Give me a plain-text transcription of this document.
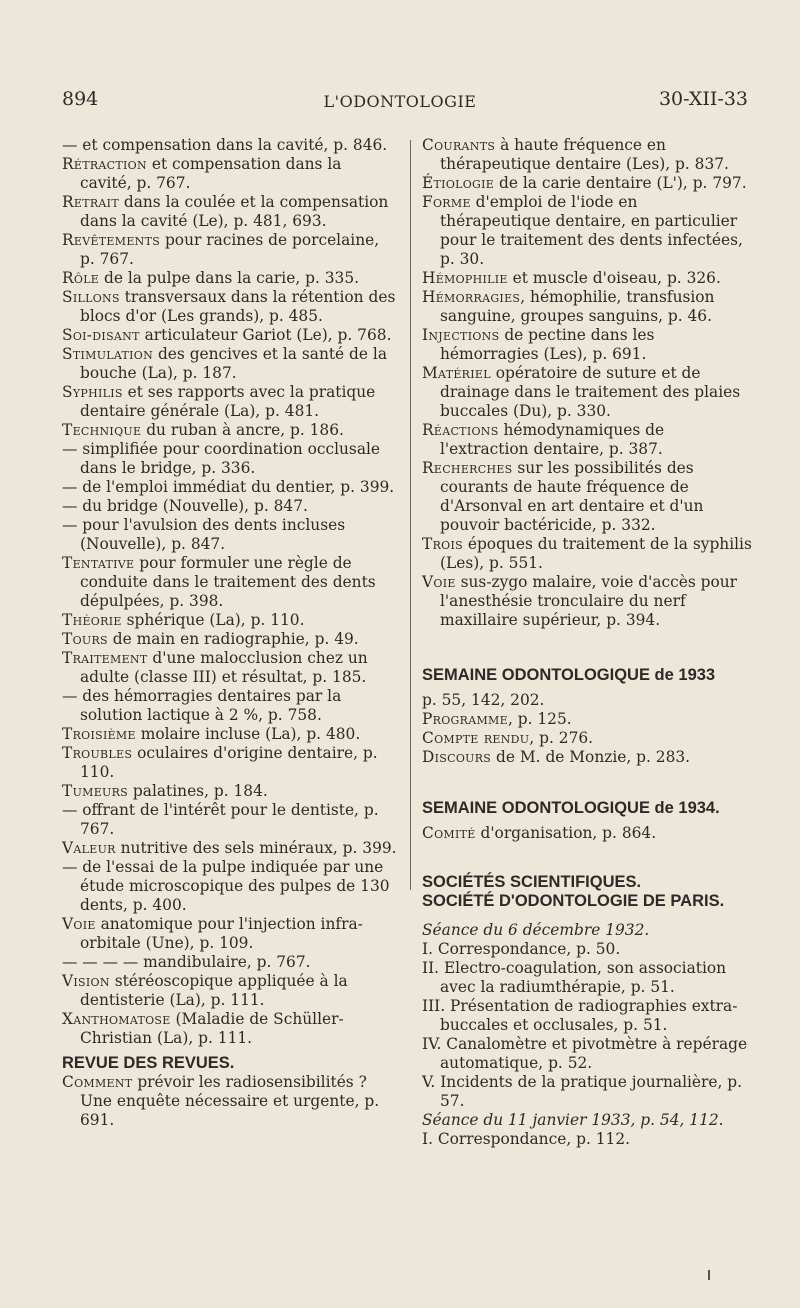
894	L'ODONTOLOGIE	30-XII-33

— et compensation dans la cavité, p. 846.

Rétraction et compensation dans la cavité, p. 767.

Retrait dans la coulée et la compensation dans la cavité (Le), p. 481, 693.

Revêtements pour racines de porcelaine, p. 767.

Rôle de la pulpe dans la carie, p. 335.

Sillons transversaux dans la rétention des blocs d'or (Les grands), p. 485.

Soi-disant articulateur Gariot (Le), p. 768.

Stimulation des gencives et la santé de la bouche (La), p. 187.

Syphilis et ses rapports avec la pratique dentaire générale (La), p. 481.

Technique du ruban à ancre, p. 186.

— simplifiée pour coordination occlusale dans le bridge, p. 336.

— de l'emploi immédiat du dentier, p. 399.

— du bridge (Nouvelle), p. 847.

— pour l'avulsion des dents incluses (Nouvelle), p. 847.

Tentative pour formuler une règle de conduite dans le traitement des dents dépulpées, p. 398.

Théorie sphérique (La), p. 110.

Tours de main en radiographie, p. 49.

Traitement d'une malocclusion chez un adulte (classe III) et résultat, p. 185.

— des hémorragies dentaires par la solution lactique à 2 %, p. 758.

Troisième molaire incluse (La), p. 480.

Troubles oculaires d'origine dentaire, p. 110.

Tumeurs palatines, p. 184.

— offrant de l'intérêt pour le dentiste, p. 767.

Valeur nutritive des sels minéraux, p. 399.

— de l'essai de la pulpe indiquée par une étude microscopique des pulpes de 130 dents, p. 400.

Voie anatomique pour l'injection infra-orbitale (Une), p. 109.

— — — — mandibulaire, p. 767.

Vision stéréoscopique appliquée à la dentisterie (La), p. 111.

Xanthomatose (Maladie de Schüller-Christian (La), p. 111.

REVUE DES REVUES.

Comment prévoir les radiosensibilités ? Une enquête nécessaire et urgente, p. 691.

Courants à haute fréquence en thérapeutique dentaire (Les), p. 837.

Étiologie de la carie dentaire (L'), p. 797.

Forme d'emploi de l'iode en thérapeutique dentaire, en particulier pour le traitement des dents infectées, p. 30.

Hémophilie et muscle d'oiseau, p. 326.

Hémorragies, hémophilie, transfusion sanguine, groupes sanguins, p. 46.

Injections de pectine dans les hémorragies (Les), p. 691.

Matériel opératoire de suture et de drainage dans le traitement des plaies buccales (Du), p. 330.

Réactions hémodynamiques de l'extraction dentaire, p. 387.

Recherches sur les possibilités des courants de haute fréquence de d'Arsonval en art dentaire et d'un pouvoir bactéricide, p. 332.

Trois époques du traitement de la syphilis (Les), p. 551.

Voie sus-zygo malaire, voie d'accès pour l'anesthésie tronculaire du nerf maxillaire supérieur, p. 394.

SEMAINE ODONTOLOGIQUE de 1933

p. 55, 142, 202.

Programme, p. 125.

Compte rendu, p. 276.

Discours de M. de Monzie, p. 283.

SEMAINE ODONTOLOGIQUE de 1934.

Comité d'organisation, p. 864.

SOCIÉTÉS SCIENTIFIQUES.

SOCIÉTÉ D'ODONTOLOGIE DE PARIS.

Séance du 6 décembre 1932.

I. Correspondance, p. 50.

II. Electro-coagulation, son association avec la radiumthérapie, p. 51.

III. Présentation de radiographies extra-buccales et occlusales, p. 51.

IV. Canalomètre et pivotmètre à repérage automatique, p. 52.

V. Incidents de la pratique journalière, p. 57.

Séance du 11 janvier 1933, p. 54, 112.

I. Correspondance, p. 112.
